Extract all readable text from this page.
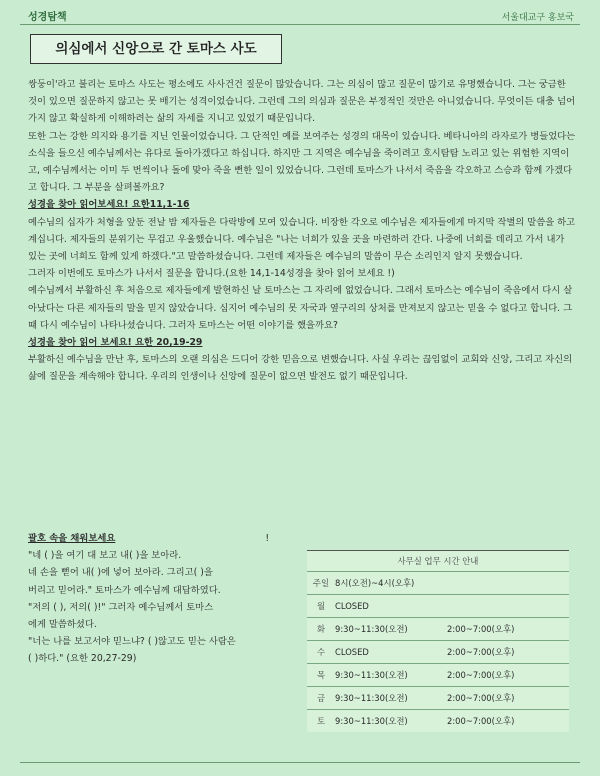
성경탐책	서울대교구 홍보국
의심에서 신앙으로 간 토마스 사도

쌍둥이'라고 불리는 토마스 사도는 평소에도 사사건건 질문이 많았습니다. 그는 의심이 많고 질문이 많기로 유명했습니다. 그는 궁금한 것이 있으면 질문하지 않고는 못 배기는 성격이었습니다. 그런데 그의 의심과 질문은 부정적인 것만은 아니었습니다. 무엇이든 대충 넘어가지 않고 확실하게 이해하려는 삶의 자세를 지니고 있었기 때문입니다.

또한 그는 강한 의지와 용기를 지닌 인물이었습니다. 그 단적인 예를 보여주는 성경의 대목이 있습니다. 베타니아의 라자로가 병들었다는 소식을 들으신 예수님께서는 유다로 돌아가겠다고 하십니다. 하지만 그 지역은 예수님을 죽이려고 호시탐탐 노리고 있는 위험한 지역이고, 예수님께서는 이미 두 번씩이나 돌에 맞아 죽을 뻔한 일이 있었습니다. 그런데 토마스가 나서서 죽음을 각오하고 스승과 함께 가겠다고 합니다. 그 부분을 살펴볼까요?

성경을 찾아 읽어보세요! 요한11,1-16

예수님의 십자가 처형을 앞둔 전날 밤 제자들은 다락방에 모여 있습니다. 비장한 각오로 예수님은 제자들에게 마지막 작별의 말씀을 하고 계십니다. 제자들의 분위기는 무겁고 우울했습니다. 예수님은 "나는 너희가 있을 곳을 마련하러 간다. 나중에 너희를 데리고 가서 내가 있는 곳에 너희도 함께 있게 하겠다."고 말씀하셨습니다. 그런데 제자들은 예수님의 말씀이 무슨 소리인지 알지 못했습니다.

그러자 이번에도 토마스가 나서서 질문을 합니다.(요한 14,1-14성경을 찾아 읽어 보세요 !)

예수님께서 부활하신 후 처음으로 제자들에게 발현하신 날 토마스는 그 자리에 없었습니다. 그래서 토마스는 예수님이 죽음에서 다시 살아났다는 다른 제자들의 말을 믿지 않았습니다. 심지어 예수님의 못 자국과 옆구리의 상처를 만져보지 않고는 믿을 수 없다고 합니다. 그때 다시 예수님이 나타나셨습니다. 그러자 토마스는 어떤 이야기를 했을까요?

성경을 찾아 읽어 보세요! 요한 20,19-29

부활하신 예수님을 만난 후, 토마스의 오랜 의심은 드디어 강한 믿음으로 변했습니다. 사실 우리는 끊임없이 교회와 신앙, 그리고 자신의 삶에 질문을 계속해야 합니다. 우리의 인생이나 신앙에 질문이 없으면 발전도 없기 때문입니다.

괄호 속을 채워보세요	!

"네 ( )을 여기 대 보고 내( )을 보아라.

네 손을 뻗어 내( )에 넣어 보아라. 그리고( )을

버리고 믿어라." 토마스가 예수님께 대답하였다.

"저의 ( ), 저의( )!" 그러자 예수님께서 토마스

에게 말씀하셨다.

"너는 나를 보고서야 믿느냐? ( )않고도 믿는 사람은

( )하다." (요한 20,27-29)

사무실 업무 시간 안내		
주일	8시(오전)~4시(오후)	
월	CLOSED	
화	9:30~11:30(오전)	2:00~7:00(오후)
수	CLOSED	2:00~7:00(오후)
목	9:30~11:30(오전)	2:00~7:00(오후)
금	9:30~11:30(오전)	2:00~7:00(오후)
토	9:30~11:30(오전)	2:00~7:00(오후)
